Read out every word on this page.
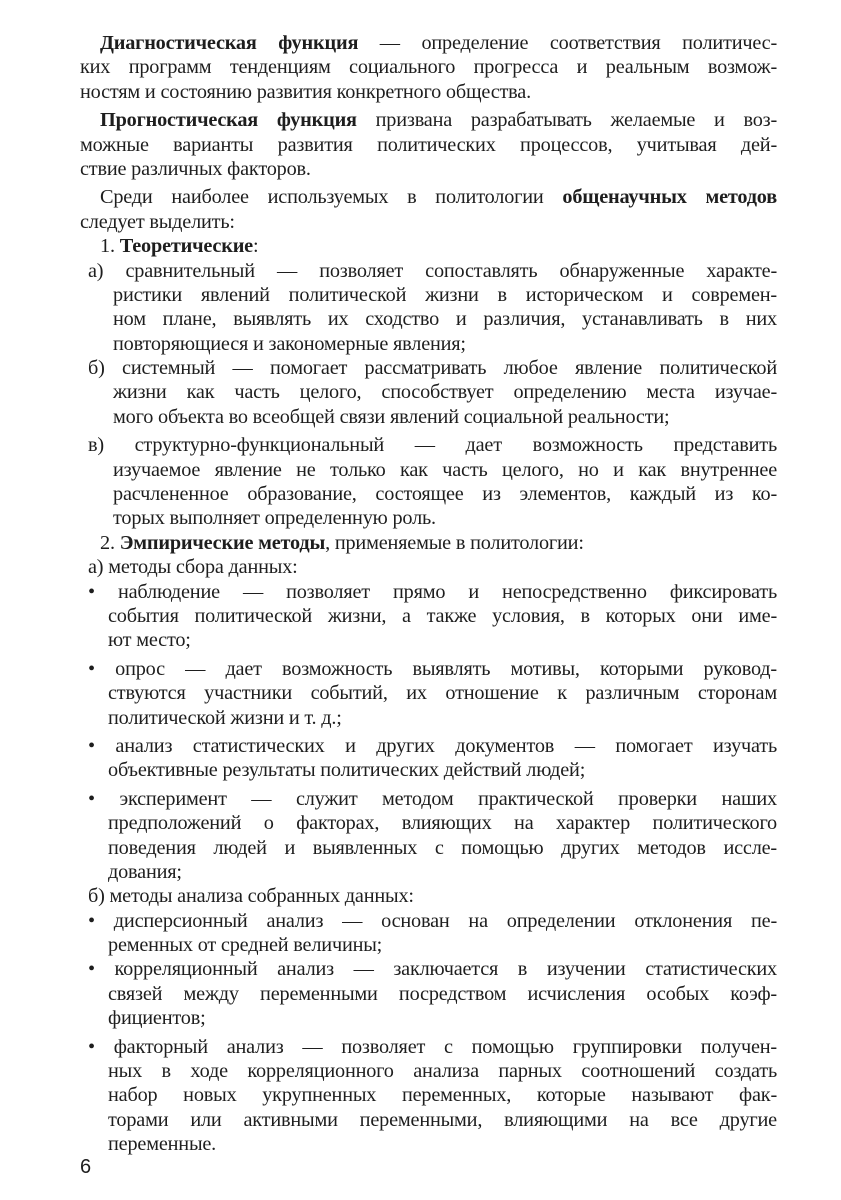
Диагностическая функция — определение соответствия политичес-
ких программ тенденциям социального прогресса и реальным возмож-
ностям и состоянию развития конкретного общества.
Прогностическая функция призвана разрабатывать желаемые и воз-
можные варианты развития политических процессов, учитывая дей-
ствие различных факторов.
Среди наиболее используемых в политологии общенаучных методов
следует выделить:
1. Теоретические:
а) сравнительный — позволяет сопоставлять обнаруженные характе-
ристики явлений политической жизни в историческом и современ-
ном плане, выявлять их сходство и различия, устанавливать в них
повторяющиеся и закономерные явления;
б) системный — помогает рассматривать любое явление политической
жизни как часть целого, способствует определению места изучае-
мого объекта во всеобщей связи явлений социальной реальности;
в) структурно-функциональный — дает возможность представить
изучаемое явление не только как часть целого, но и как внутреннее
расчлененное образование, состоящее из элементов, каждый из ко-
торых выполняет определенную роль.
2. Эмпирические методы, применяемые в политологии:
а) методы сбора данных:
• наблюдение — позволяет прямо и непосредственно фиксировать
события политической жизни, а также условия, в которых они име-
ют место;
• опрос — дает возможность выявлять мотивы, которыми руковод-
ствуются участники событий, их отношение к различным сторонам
политической жизни и т. д.;
• анализ статистических и других документов — помогает изучать
объективные результаты политических действий людей;
• эксперимент — служит методом практической проверки наших
предположений о факторах, влияющих на характер политического
поведения людей и выявленных с помощью других методов иссле-
дования;
б) методы анализа собранных данных:
• дисперсионный анализ — основан на определении отклонения пе-
ременных от средней величины;
• корреляционный анализ — заключается в изучении статистических
связей между переменными посредством исчисления особых коэф-
фициентов;
• факторный анализ — позволяет с помощью группировки получен-
ных в ходе корреляционного анализа парных соотношений создать
набор новых укрупненных переменных, которые называют фак-
торами или активными переменными, влияющими на все другие
переменные.
6
